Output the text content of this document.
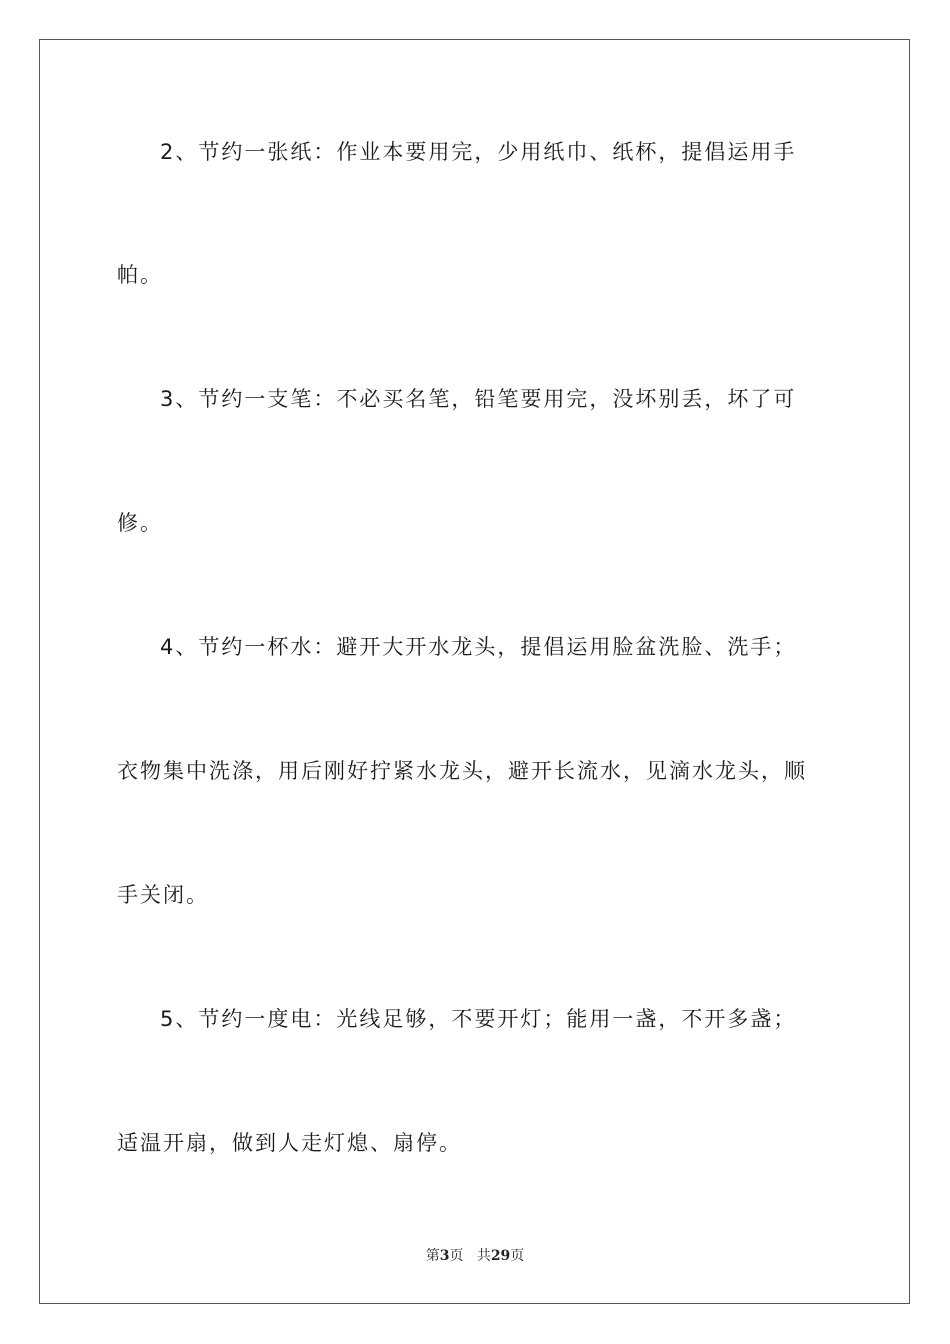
2、节约一张纸：作业本要用完，少用纸巾、纸杯，提倡运用手
帕。
3、节约一支笔：不必买名笔，铅笔要用完，没坏别丢，坏了可
修。
4、节约一杯水：避开大开水龙头，提倡运用脸盆洗脸、洗手；
衣物集中洗涤，用后刚好拧紧水龙头，避开长流水，见滴水龙头，顺
手关闭。
5、节约一度电：光线足够，不要开灯；能用一盏，不开多盏；
适温开扇，做到人走灯熄、扇停。
第3页 共29页
